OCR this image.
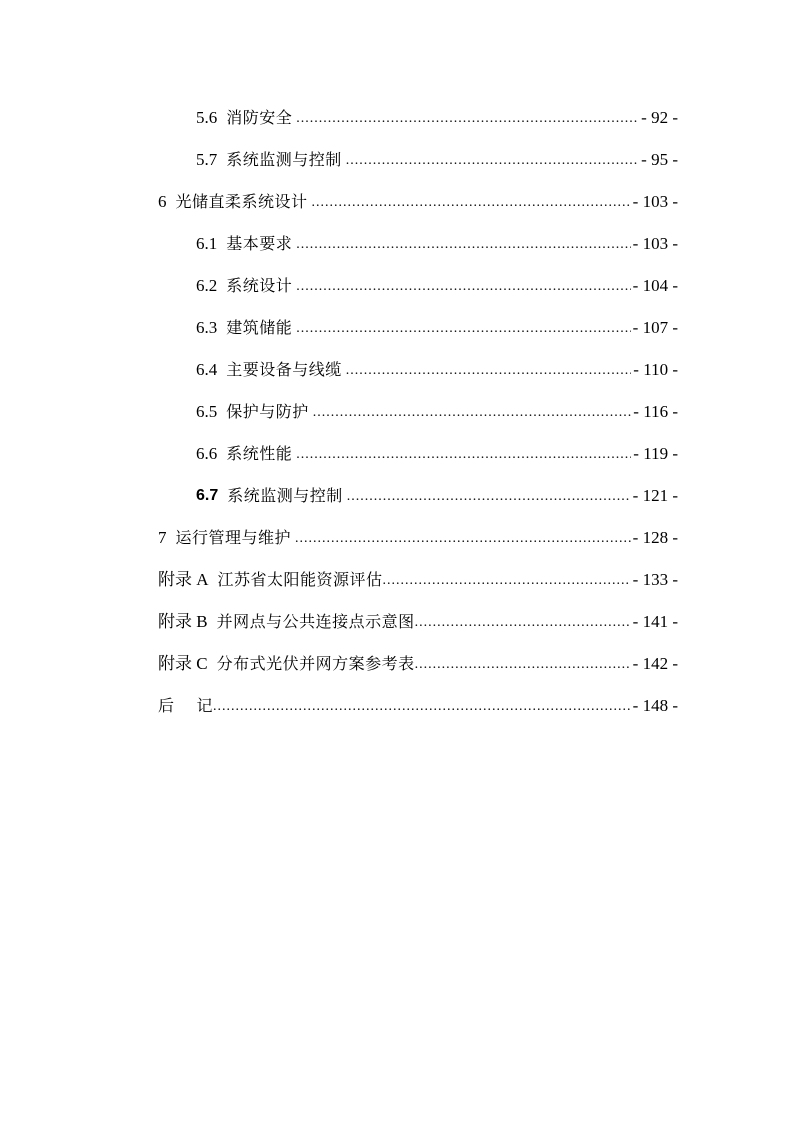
5.6 消防安全 .....	- 92 -
5.7 系统监测与控制 .....	- 95 -
6 光储直柔系统设计 .....	- 103 -
6.1 基本要求 .....	- 103 -
6.2 系统设计 .....	- 104 -
6.3 建筑储能 .....	- 107 -
6.4 主要设备与线缆 .....	- 110 -
6.5 保护与防护 .....	- 116 -
6.6 系统性能 .....	- 119 -
6.7 系统监测与控制 .....	- 121 -
7 运行管理与维护 .....	- 128 -
附录 A 江苏省太阳能资源评估 .....	- 133 -
附录 B 并网点与公共连接点示意图 .....	- 141 -
附录 C 分布式光伏并网方案参考表 .....	- 142 -
后 记 .....	- 148 -
